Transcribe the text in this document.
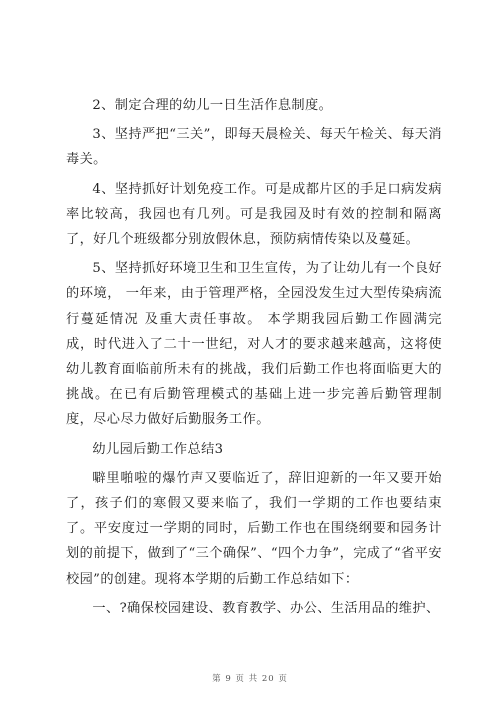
2、制定合理的幼儿一日生活作息制度。

3、坚持严把“三关”，即每天晨检关、每天午检关、每天消毒关。

4、坚持抓好计划免疫工作。可是成都片区的手足口病发病率比较高，我园也有几列。可是我园及时有效的控制和隔离了，好几个班级都分别放假休息，预防病情传染以及蔓延。

5、坚持抓好环境卫生和卫生宣传，为了让幼儿有一个良好的环境， 一年来，由于管理严格，全园没发生过大型传染病流行蔓延情况 及重大责任事故。 本学期我园后勤工作圆满完成，时代进入了二十一世纪，对人才的要求越来越高，这将使幼儿教育面临前所未有的挑战，我们后勤工作也将面临更大的挑战。在已有后勤管理模式的基础上进一步完善后勤管理制度，尽心尽力做好后勤服务工作。

幼儿园后勤工作总结3

噼里啪啦的爆竹声又要临近了，辞旧迎新的一年又要开始了，孩子们的寒假又要来临了，我们一学期的工作也要结束了。平安度过一学期的同时，后勤工作也在围绕纲要和园务计划的前提下，做到了“三个确保”、“四个力争”，完成了“省平安校园”的创建。现将本学期的后勤工作总结如下：

一、?确保校园建设、教育教学、办公、生活用品的维护、

第 9 页 共 20 页
